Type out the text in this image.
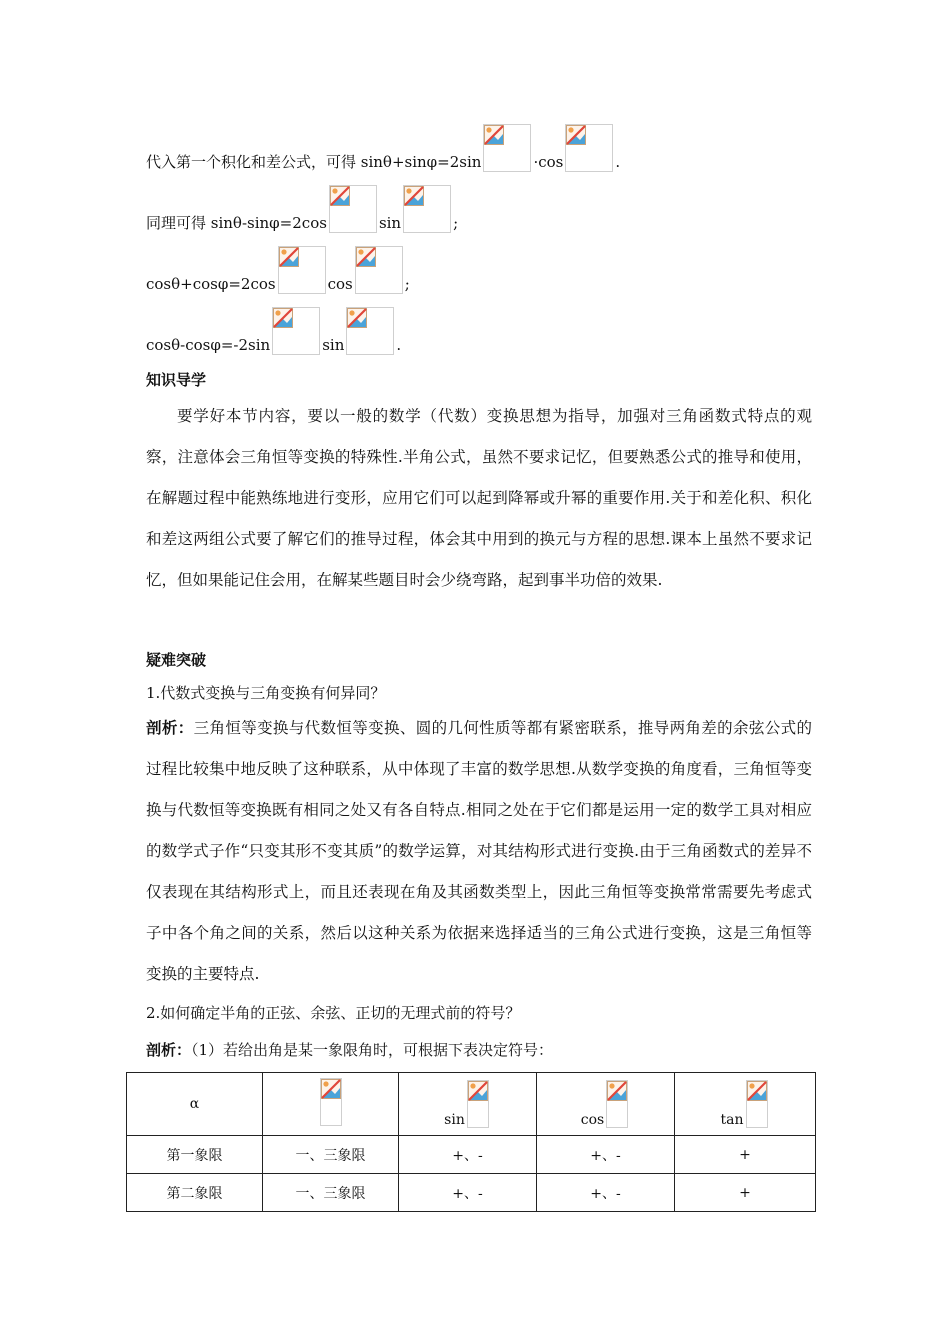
代入第一个积化和差公式，可得 sinθ+sinφ=2sin	·cos	.
同理可得 sinθ-sinφ=2cos	sin	;
cosθ+cosφ=2cos	cos	;
cosθ-cosφ=-2sin	sin	.
知识导学
要学好本节内容，要以一般的数学（代数）变换思想为指导，加强对三角函数式特点的观察，注意体会三角恒等变换的特殊性.半角公式，虽然不要求记忆，但要熟悉公式的推导和使用，在解题过程中能熟练地进行变形，应用它们可以起到降幂或升幂的重要作用.关于和差化积、积化和差这两组公式要了解它们的推导过程，体会其中用到的换元与方程的思想.课本上虽然不要求记忆，但如果能记住会用，在解某些题目时会少绕弯路，起到事半功倍的效果.
疑难突破
1.代数式变换与三角变换有何异同？
剖析：三角恒等变换与代数恒等变换、圆的几何性质等都有紧密联系，推导两角差的余弦公式的过程比较集中地反映了这种联系，从中体现了丰富的数学思想.从数学变换的角度看，三角恒等变换与代数恒等变换既有相同之处又有各自特点.相同之处在于它们都是运用一定的数学工具对相应的数学式子作“只变其形不变其质”的数学运算，对其结构形式进行变换.由于三角函数式的差异不仅表现在其结构形式上，而且还表现在角及其函数类型上，因此三角恒等变换常常需要先考虑式子中各个角之间的关系，然后以这种关系为依据来选择适当的三角公式进行变换，这是三角恒等变换的主要特点.
2.如何确定半角的正弦、余弦、正切的无理式前的符号？
剖析：（1）若给出角是某一象限角时，可根据下表决定符号：
α		sin	cos	tan

第一象限	一、三象限	+、-	+、-	+
第二象限	一、三象限	+、-	+、-	+
